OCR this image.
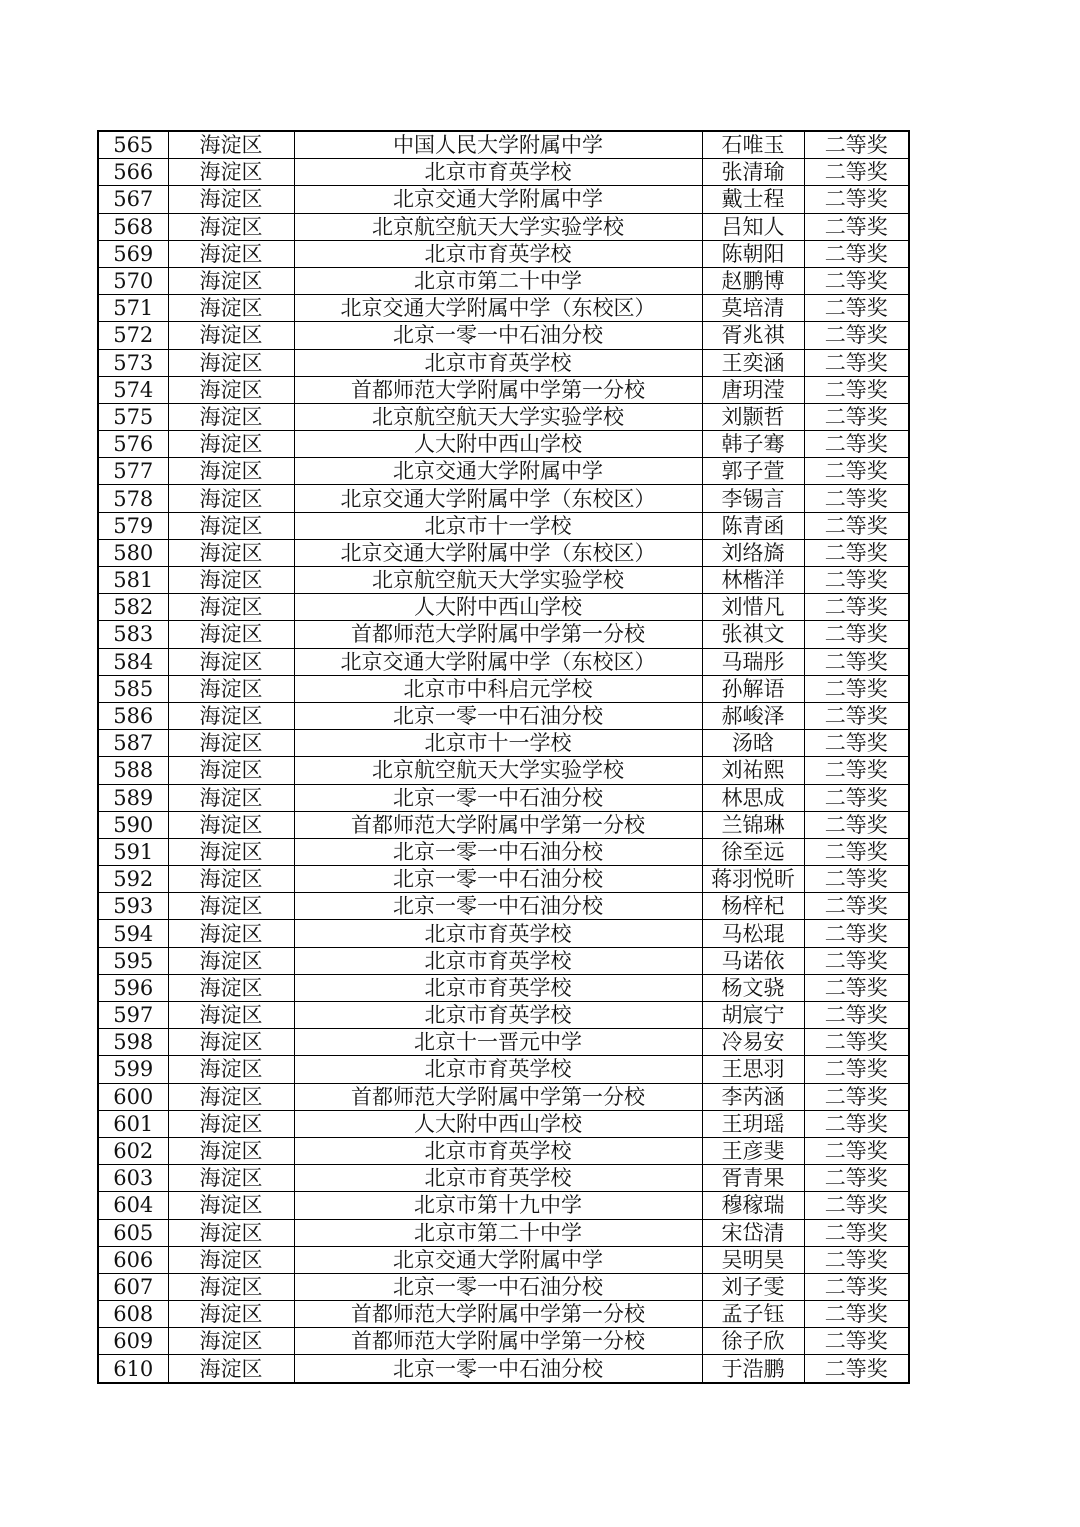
565	海淀区	中国人民大学附属中学	石唯玉	二等奖
566	海淀区	北京市育英学校	张清瑜	二等奖
567	海淀区	北京交通大学附属中学	戴士程	二等奖
568	海淀区	北京航空航天大学实验学校	吕知人	二等奖
569	海淀区	北京市育英学校	陈朝阳	二等奖
570	海淀区	北京市第二十中学	赵鹏博	二等奖
571	海淀区	北京交通大学附属中学（东校区）	莫培清	二等奖
572	海淀区	北京一零一中石油分校	胥兆祺	二等奖
573	海淀区	北京市育英学校	王奕涵	二等奖
574	海淀区	首都师范大学附属中学第一分校	唐玥滢	二等奖
575	海淀区	北京航空航天大学实验学校	刘颢哲	二等奖
576	海淀区	人大附中西山学校	韩子骞	二等奖
577	海淀区	北京交通大学附属中学	郭子萱	二等奖
578	海淀区	北京交通大学附属中学（东校区）	李锡言	二等奖
579	海淀区	北京市十一学校	陈青函	二等奖
580	海淀区	北京交通大学附属中学（东校区）	刘络旖	二等奖
581	海淀区	北京航空航天大学实验学校	林楷洋	二等奖
582	海淀区	人大附中西山学校	刘惜凡	二等奖
583	海淀区	首都师范大学附属中学第一分校	张祺文	二等奖
584	海淀区	北京交通大学附属中学（东校区）	马瑞彤	二等奖
585	海淀区	北京市中科启元学校	孙解语	二等奖
586	海淀区	北京一零一中石油分校	郝峻泽	二等奖
587	海淀区	北京市十一学校	汤晗	二等奖
588	海淀区	北京航空航天大学实验学校	刘祐熙	二等奖
589	海淀区	北京一零一中石油分校	林思成	二等奖
590	海淀区	首都师范大学附属中学第一分校	兰锦琳	二等奖
591	海淀区	北京一零一中石油分校	徐至远	二等奖
592	海淀区	北京一零一中石油分校	蒋羽悦昕	二等奖
593	海淀区	北京一零一中石油分校	杨梓杞	二等奖
594	海淀区	北京市育英学校	马松琨	二等奖
595	海淀区	北京市育英学校	马诺依	二等奖
596	海淀区	北京市育英学校	杨文骁	二等奖
597	海淀区	北京市育英学校	胡宸宁	二等奖
598	海淀区	北京十一晋元中学	冷易安	二等奖
599	海淀区	北京市育英学校	王思羽	二等奖
600	海淀区	首都师范大学附属中学第一分校	李芮涵	二等奖
601	海淀区	人大附中西山学校	王玥瑶	二等奖
602	海淀区	北京市育英学校	王彦斐	二等奖
603	海淀区	北京市育英学校	胥青果	二等奖
604	海淀区	北京市第十九中学	穆稼瑞	二等奖
605	海淀区	北京市第二十中学	宋岱清	二等奖
606	海淀区	北京交通大学附属中学	吴明昊	二等奖
607	海淀区	北京一零一中石油分校	刘子雯	二等奖
608	海淀区	首都师范大学附属中学第一分校	孟子钰	二等奖
609	海淀区	首都师范大学附属中学第一分校	徐子欣	二等奖
610	海淀区	北京一零一中石油分校	于浩鹏	二等奖
